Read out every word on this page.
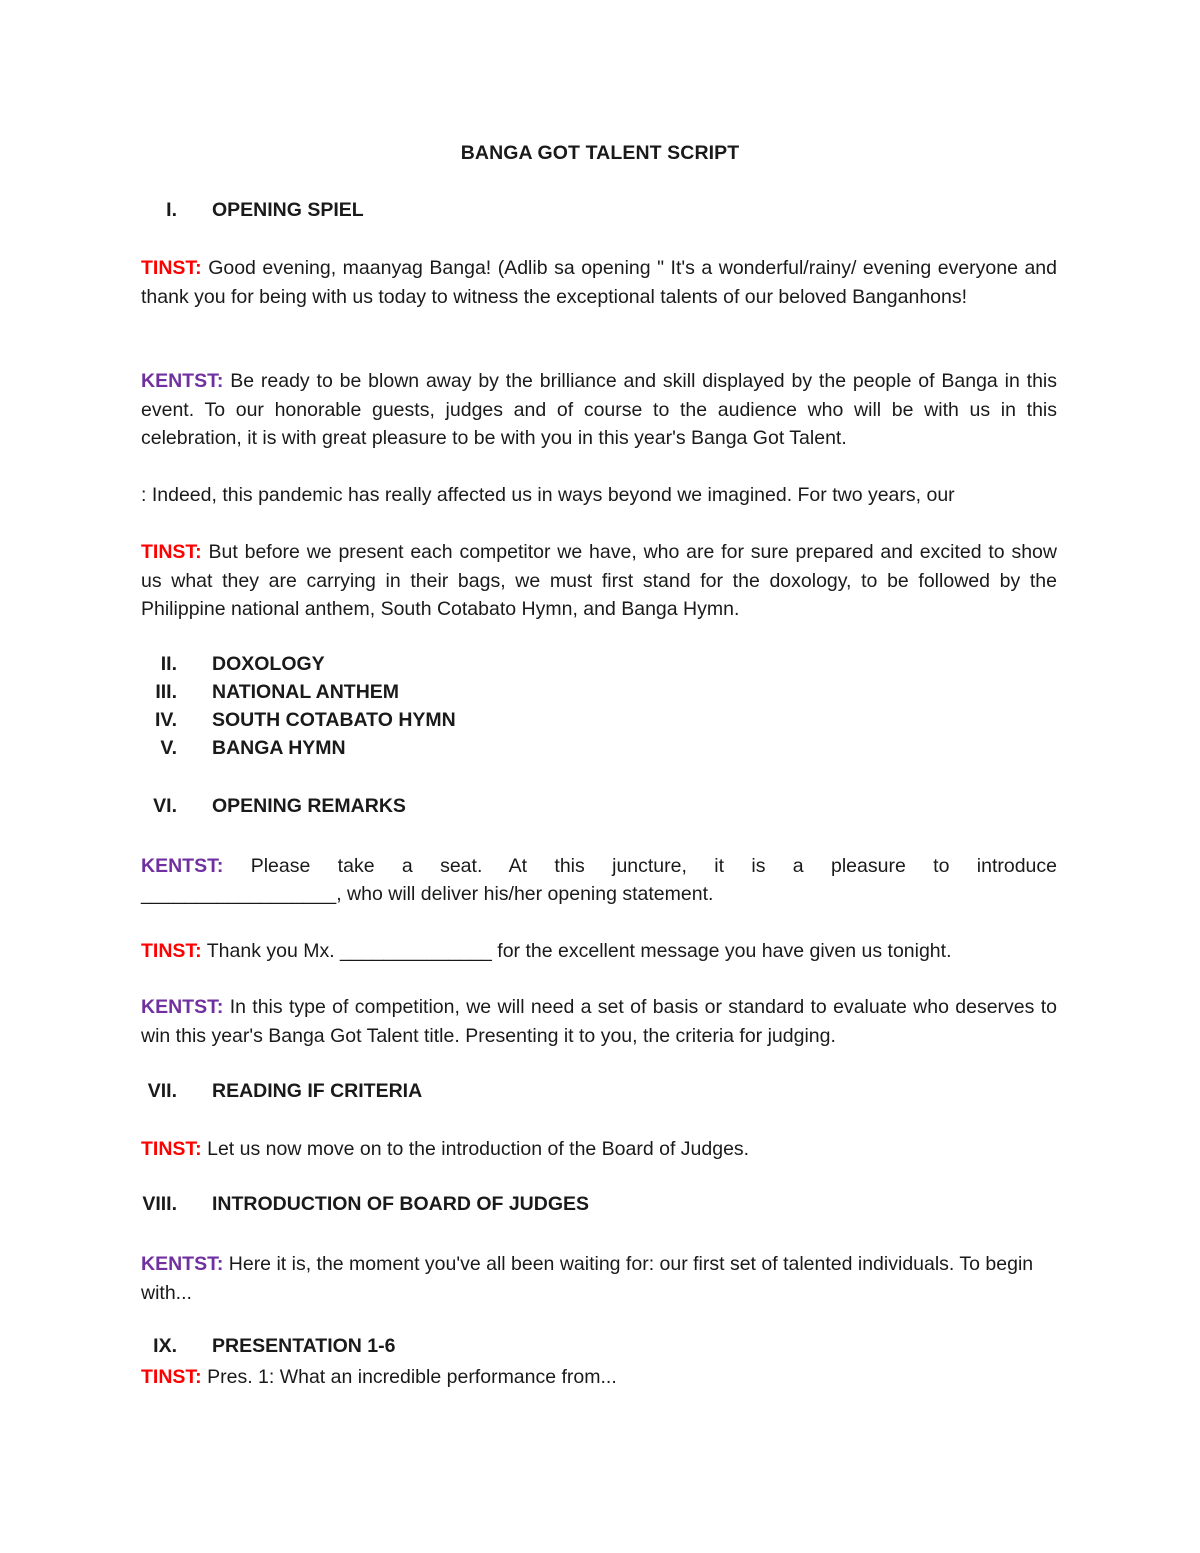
BANGA GOT TALENT SCRIPT
I. OPENING SPIEL

TINST: Good evening, maanyag Banga! (Adlib sa opening " It's a wonderful/rainy/ evening everyone and thank you for being with us today to witness the exceptional talents of our beloved Banganhons!

KENTST: Be ready to be blown away by the brilliance and skill displayed by the people of Banga in this event. To our honorable guests, judges and of course to the audience who will be with us in this celebration, it is with great pleasure to be with you in this year's Banga Got Talent.

: Indeed, this pandemic has really affected us in ways beyond we imagined. For two years, our

TINST: But before we present each competitor we have, who are for sure prepared and excited to show us what they are carrying in their bags, we must first stand for the doxology, to be followed by the Philippine national anthem, South Cotabato Hymn, and Banga Hymn.

II. DOXOLOGY
III. NATIONAL ANTHEM
IV. SOUTH COTABATO HYMN
V. BANGA HYMN
VI. OPENING REMARKS

KENTST: Please take a seat. At this juncture, it is a pleasure to introduce

__________________, who will deliver his/her opening statement.

TINST: Thank you Mx. ______________ for the excellent message you have given us tonight.

KENTST: In this type of competition, we will need a set of basis or standard to evaluate who deserves to win this year's Banga Got Talent title. Presenting it to you, the criteria for judging.

VII. READING IF CRITERIA

TINST: Let us now move on to the introduction of the Board of Judges.

VIII. INTRODUCTION OF BOARD OF JUDGES

KENTST: Here it is, the moment you've all been waiting for: our first set of talented individuals. To begin with...

IX. PRESENTATION 1-6

TINST: Pres. 1: What an incredible performance from...
